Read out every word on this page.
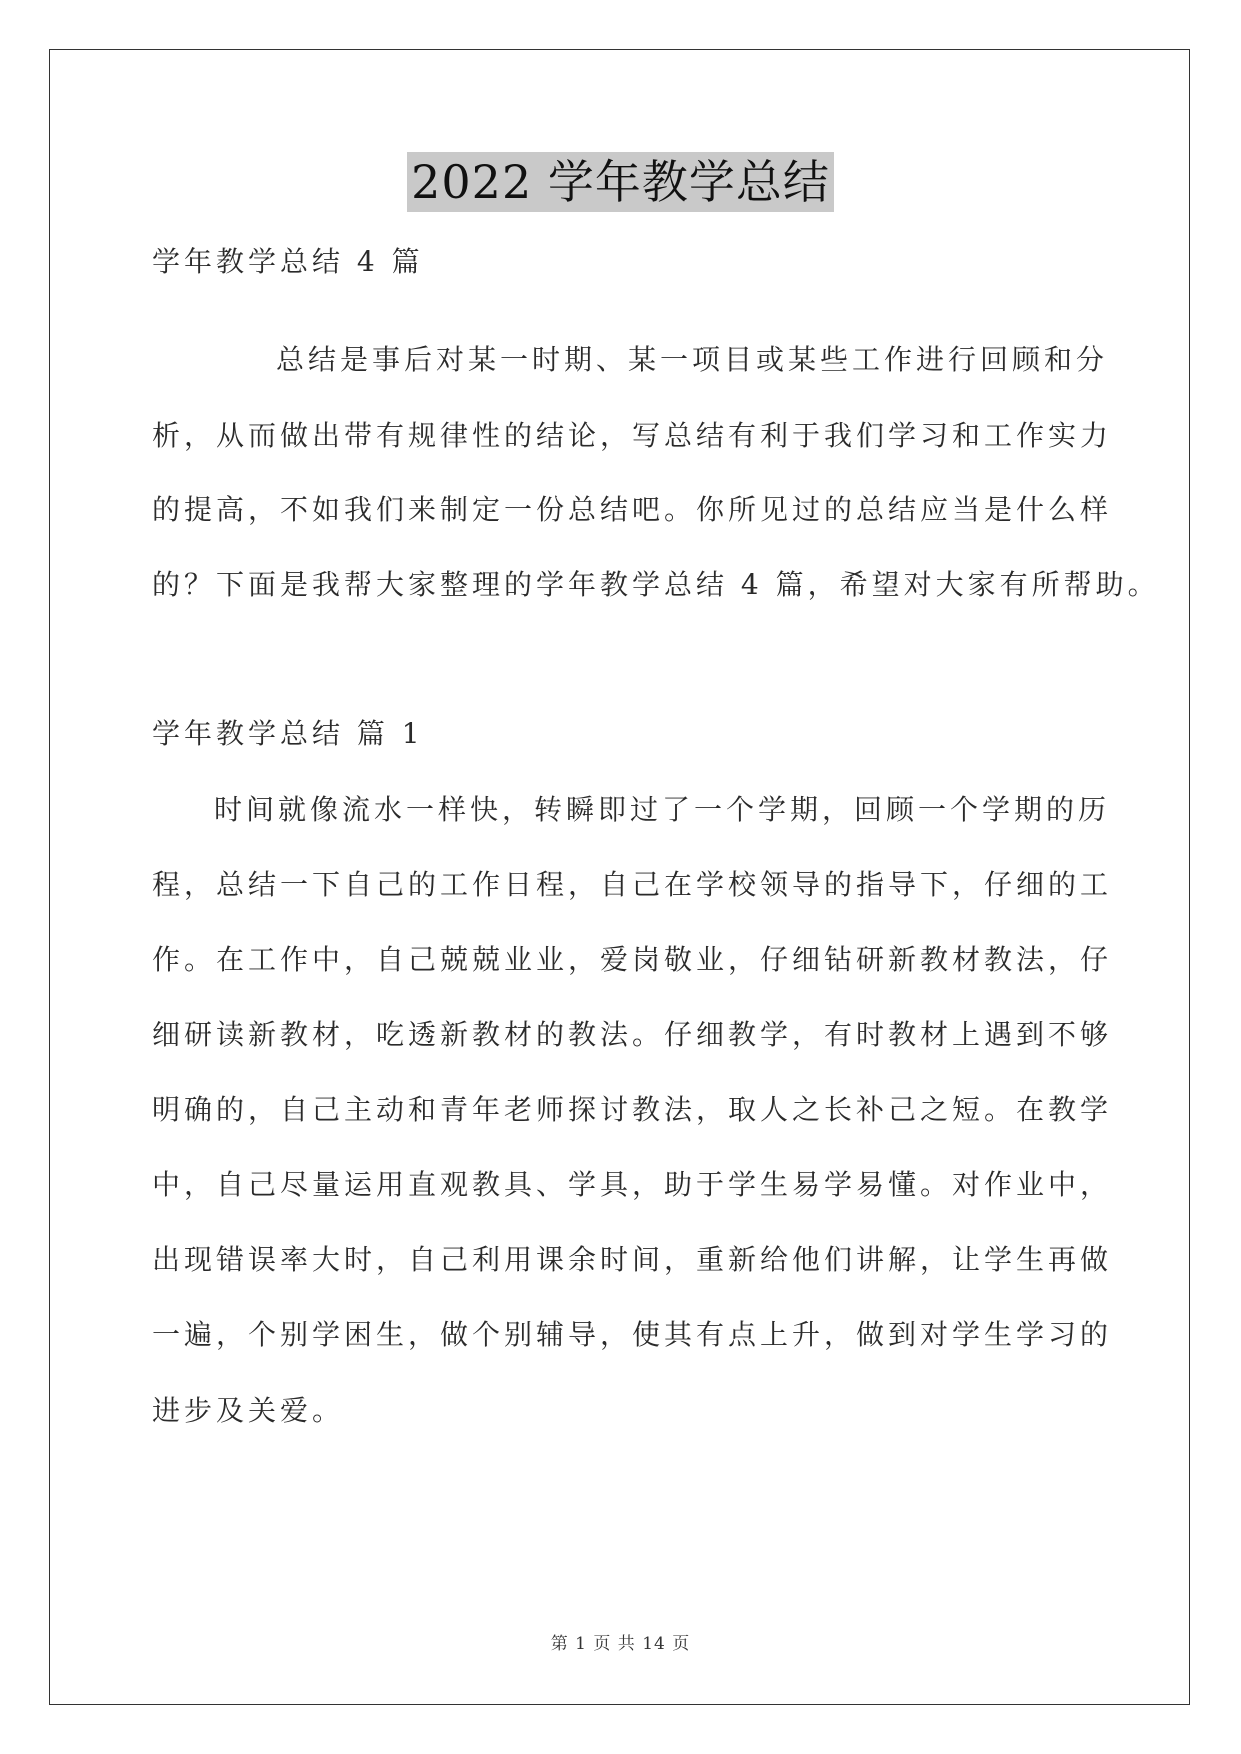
2022 学年教学总结
学年教学总结 4 篇
总结是事后对某一时期、某一项目或某些工作进行回顾和分
析，从而做出带有规律性的结论，写总结有利于我们学习和工作实力
的提高，不如我们来制定一份总结吧。你所见过的总结应当是什么样
的？下面是我帮大家整理的学年教学总结 4 篇，希望对大家有所帮助。
学年教学总结 篇 1
时间就像流水一样快，转瞬即过了一个学期，回顾一个学期的历
程，总结一下自己的工作日程，自己在学校领导的指导下，仔细的工
作。在工作中，自己兢兢业业，爱岗敬业，仔细钻研新教材教法，仔
细研读新教材，吃透新教材的教法。仔细教学，有时教材上遇到不够
明确的，自己主动和青年老师探讨教法，取人之长补己之短。在教学
中，自己尽量运用直观教具、学具，助于学生易学易懂。对作业中，
出现错误率大时，自己利用课余时间，重新给他们讲解，让学生再做
一遍，个别学困生，做个别辅导，使其有点上升，做到对学生学习的
进步及关爱。
第 1 页 共 14 页
